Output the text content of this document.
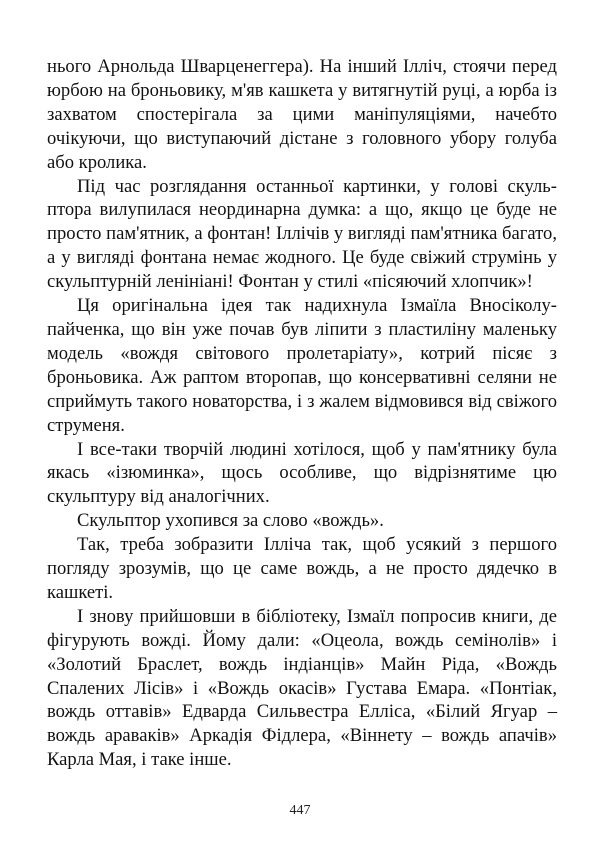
нього Арнольда Шварценеггера). На інший Ілліч, стоячи перед юрбою на броньовику, м'яв кашкета у витягнутій руці, а юрба із захватом спостерігала за цими маніпуляціями, начебто очікуючи, що виступаючий дістане з головного убору голуба або кролика.

Під час розглядання останньої картинки, у голові скульптора вилупилася неординарна думка: а що, якщо це буде не просто пам'ятник, а фонтан! Іллічів у вигляді пам'ятника багато, а у вигляді фонтана немає жодного. Це буде свіжий струмінь у скульптурній ленініані! Фонтан у стилі «пісяючий хлопчик»!

Ця оригінальна ідея так надихнула Ізмаїла Вносіколупайченка, що він уже почав був ліпити з пластиліну маленьку модель «вождя світового пролетаріату», котрий пісяє з броньовика. Аж раптом второпав, що консервативні селяни не сприймуть такого новаторства, і з жалем відмовився від свіжого струменя.

І все-таки творчій людині хотілося, щоб у пам'ятнику була якась «ізюминка», щось особливе, що відрізнятиме цю скульптуру від аналогічних.

Скульптор ухопився за слово «вождь».

Так, треба зобразити Ілліча так, щоб усякий з першого погляду зрозумів, що це саме вождь, а не просто дядечко в кашкеті.

І знову прийшовши в бібліотеку, Ізмаїл попросив книги, де фігурують вожді. Йому дали: «Оцеола, вождь семінолів» і «Золотий Браслет, вождь індіанців» Майн Ріда, «Вождь Спалених Лісів» і «Вождь окасів» Густава Емара. «Понтіак, вождь оттавів» Едварда Сильвестра Елліса, «Білий Ягуар – вождь араваків» Аркадія Фідлера, «Віннету – вождь апачів» Карла Мая, і таке інше.

447
